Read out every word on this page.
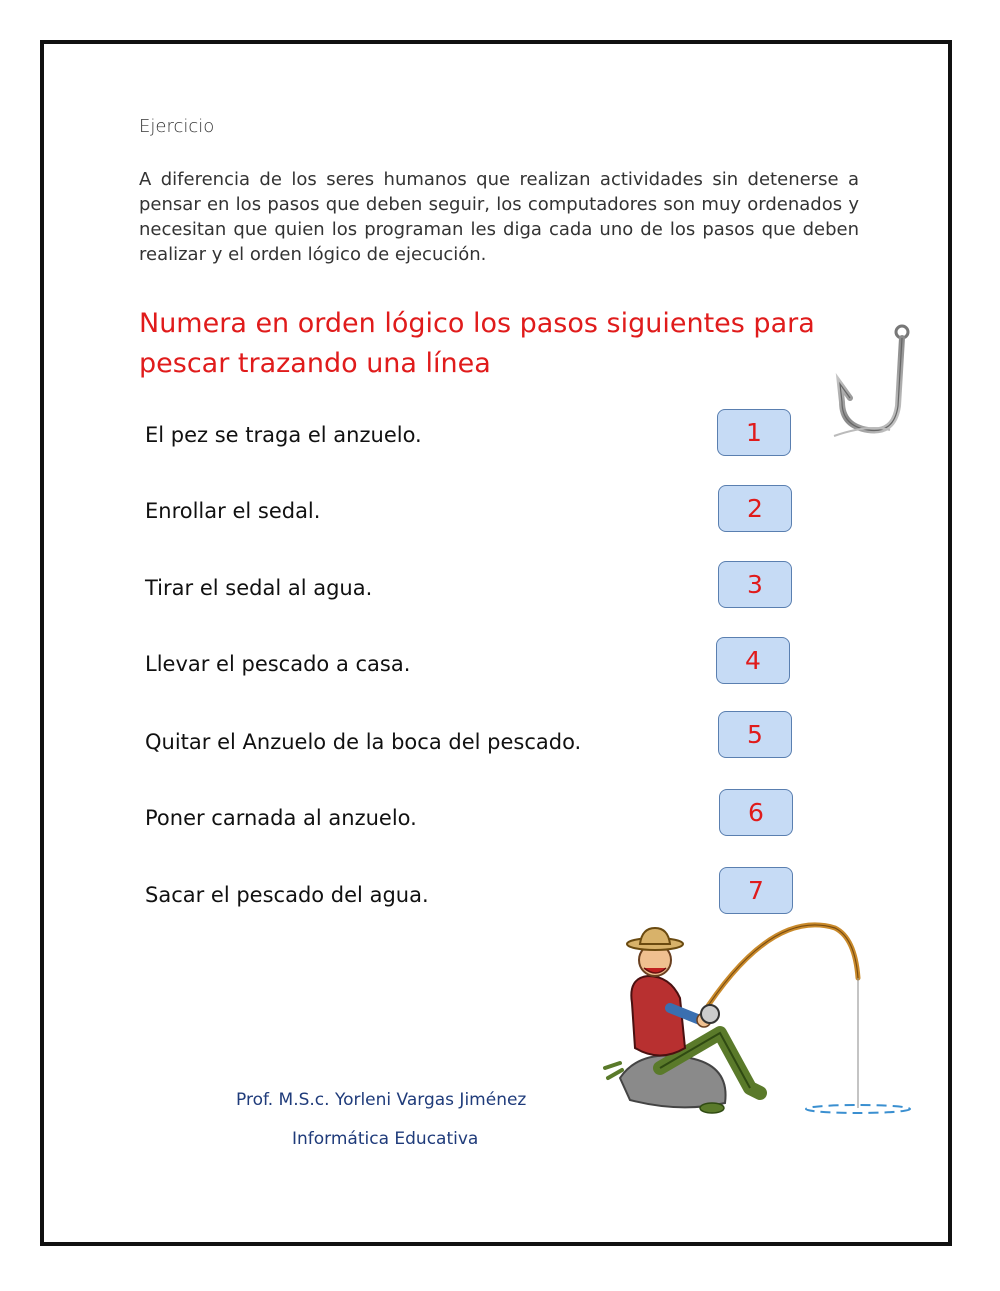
Ejercicio
A diferencia de los seres humanos que realizan actividades sin detenerse a pensar en los pasos que deben seguir, los computadores son muy ordenados y necesitan que quien los programan les diga cada uno de los pasos que deben realizar y el orden lógico de ejecución.
Numera en orden lógico los pasos siguientes para
pescar trazando una línea
El pez se traga el anzuelo.
Enrollar el sedal.
Tirar el sedal al agua.
Llevar el pescado a casa.
Quitar el Anzuelo de la boca del pescado.
Poner carnada al anzuelo.
Sacar el pescado del agua.
1
2
3
4
5
6
7
Prof. M.S.c. Yorleni Vargas Jiménez
Informática Educativa
